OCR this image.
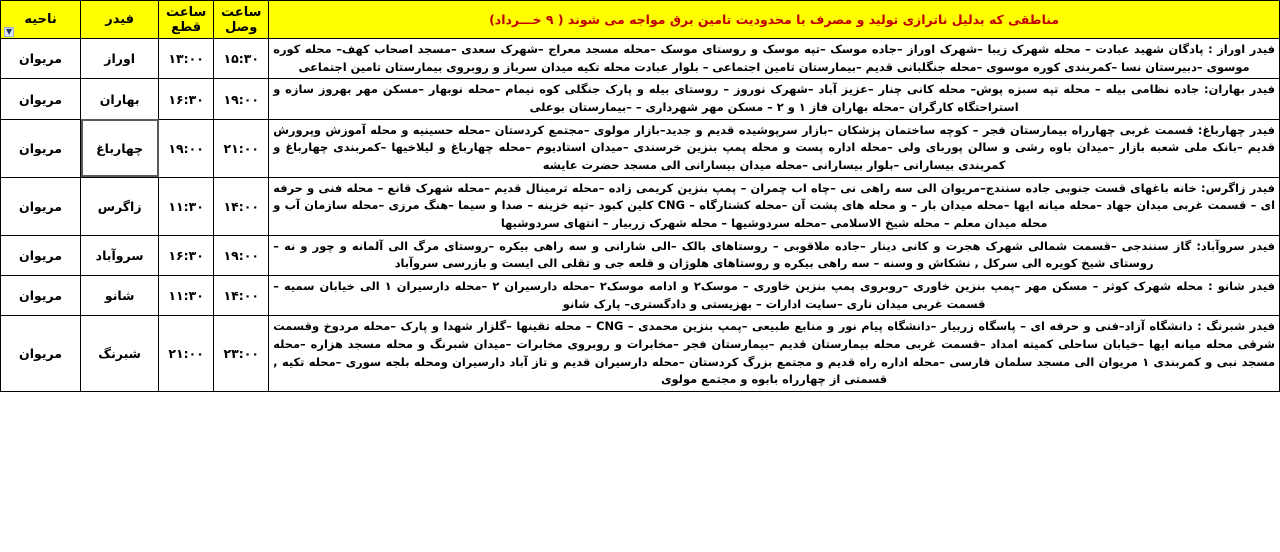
مناطقی که بدلیل ناترازی تولید و مصرف با محدودیت تامین برق مواجه می شوند ( ۹ خـــرداد)	ساعت وصل	ساعت قطع	فیدر	ناحیه
▼

فیدر اوراز : پادگان شهید عبادت – محله شهرک زیبا –شهرک اوراز –جاده موسک –تپه موسک و روستای موسک –محله مسجد معراج –شهرک سعدی –مسجد اصحاب کهف– محله کوره موسوی –دبیرستان نسا –کمربندی کوره موسوی –محله جنگلبانی قدیم –بیمارستان تامین اجتماعی – بلوار عبادت محله تکیه میدان سرباز و روبروی بیمارستان تامین اجتماعی	۱۵:۳۰	۱۳:۰۰	اوراز	مریوان
فیدر بهاران: جاده نظامی بیله – محله تپه سبزه پوش– محله کانی چنار –عزیز آباد –شهرک نوروز – روستای بیله و پارک جنگلی کوه نیمام –محله نوبهار –مسکن مهر بهروز سازه و استراحتگاه کارگران –محله بهاران فاز ۱ و ۲ – مسکن مهر شهرداری – –بیمارستان بوعلی	۱۹:۰۰	۱۶:۳۰	بهاران	مریوان
فیدر چهارباغ: قسمت غربی چهارراه بیمارستان فجر – کوچه ساختمان پزشکان –بازار سرپوشیده قدیم و جدید–بازار مولوی –مجتمع کردستان –محله حسینیه و محله آموزش وپرورش قدیم –بانک ملی شعبه بازار –میدان باوه رشی و سالن پوربای ولی –محله اداره پست و محله پمپ بنزین خرسندی –میدان استادیوم –محله چهارباغ و لیلاخیها –کمربندی چهارباغ و کمربندی بیسارانی –بلوار بیسارانی –محله میدان بیسارانی الی مسجد حضرت عایشه	۲۱:۰۰	۱۹:۰۰	چهارباغ	مریوان
فیدر زاگرس: خانه باغهای قست جنوبی جاده سنندج–مریوان الی سه راهی نی –چاه اب چمران – پمپ بنزین کریمی زاده –محله ترمینال قدیم –محله شهرک قانع – محله فنی و حرفه ای – قسمت غربی میدان جهاد –محله میانه ایها –محله میدان بار – و محله های پشت آن –محله کشتارگاه – CNG کلین کبود –تپه خزینه – صدا و سیما –هنگ مرزی –محله سازمان آب و محله میدان معلم – محله شیخ الاسلامی –محله سردوشیها – محله شهرک زربیار – انتهای سردوشیها	۱۴:۰۰	۱۱:۳۰	زاگرس	مریوان
فیدر سروآباد: گاز سنندجی –قسمت شمالی شهرک هجرت و کانی دینار –جاده ملاقوبی – روستاهای بالک –الی شارانی و سه راهی بیکره –روستای مرگ الی آلمانه و چور و نه – روستای شیخ کویره الی سرکل , نشکاش و وسنه – سه راهی بیکره و روستاهای هلوژان و قلعه جی و تقلی الی ایست و بازرسی سروآباد	۱۹:۰۰	۱۶:۳۰	سروآباد	مریوان
فیدر شانو : محله شهرک کوثر – مسکن مهر –پمپ بنزین خاوری –روبروی پمپ بنزین خاوری – موسک۲ و ادامه موسک۲ –محله دارسیران ۲ –محله دارسیران ۱ الی خیابان سمیه –قسمت غربی میدان ناری –سایت ادارات – بهزیستی و دادگستری– پارک شانو	۱۴:۰۰	۱۱:۳۰	شانو	مریوان
فیدر شبرنگ : دانشگاه آزاد–فنی و حرفه ای – پاسگاه زربیار –دانشگاه پیام نور و منابع طبیعی –پمپ بنزین محمدی – CNG – محله تقینها –گلزار شهدا و پارک –محله مردوخ وقسمت شرقی محله میانه ایها –خیابان ساحلی کمیته امداد –قسمت غربی محله بیمارستان قدیم –بیمارستان فجر –مخابرات و روبروی مخابرات –میدان شبرنگ و محله مسجد هزاره –محله مسجد نبی و کمربندی ۱ مریوان الی مسجد سلمان فارسی –محله اداره راه قدیم و مجتمع بزرگ کردستان –محله دارسیران قدیم و تاز آباد دارسیران ومحله بلجه سوری –محله تکیه , قسمتی از چهارراه بابوه و مجتمع مولوی	۲۳:۰۰	۲۱:۰۰	شبرنگ	مریوان
